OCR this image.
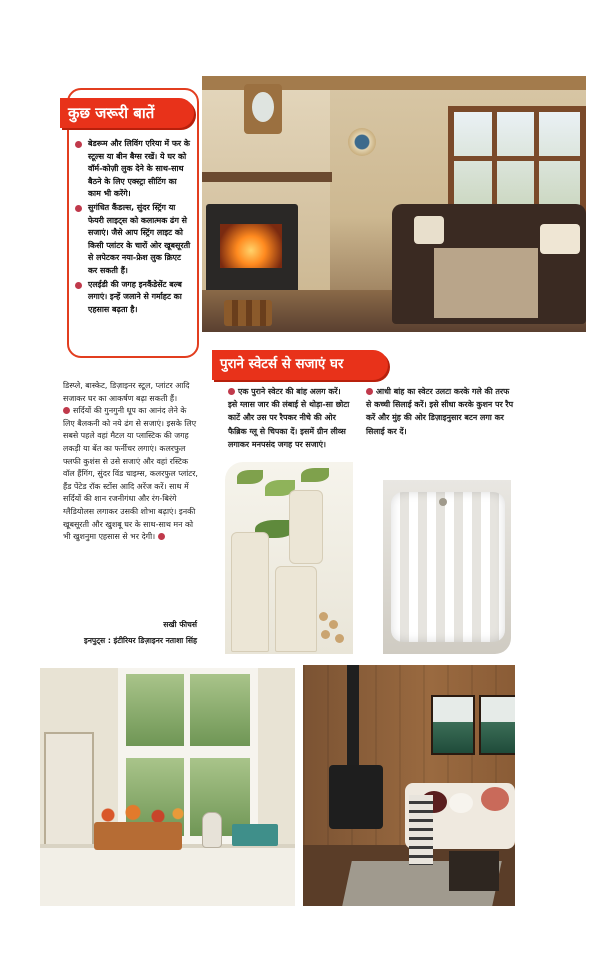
कुछ जरूरी बातें
बेडरूम और लिविंग एरिया में फर के स्टूल्स या बीन बैग्स रखें। ये घर को वॉर्म-कोज़ी लुक देने के साथ-साथ बैठने के लिए एक्स्ट्रा सीटिंग का काम भी करेंगे।
सुगंधित कैंडल्स, सुंदर स्ट्रिंग या फेयरी लाइट्स को कलात्मक ढंग से सजाएं। जैसे आप स्ट्रिंग लाइट को किसी प्लांटर के चारों ओर खूबसूरती से लपेटकर नया-फ्रेश लुक क्रिएट कर सकती हैं।
एलईडी की जगह इनकैंडेसेंट बल्ब लगाएं। इन्हें जलाने से गर्माहट का एहसास बढ़ता है।
पुराने स्वेटर्स से सजाएं घर
एक पुराने स्वेटर की बांह अलग करें। इसे ग्लास जार की लंबाई से थोड़ा-सा छोटा काटें और उस पर रैपकर नीचे की ओर फैब्रिक ग्लू से चिपका दें। इसमें ग्रीन लीव्स लगाकर मनपसंद जगह पर सजाएं।
आधी बांह का स्वेटर उलटा करके गले की तरफ से कच्ची सिलाई करें। इसे सीधा करके कुशन पर रैप करें और मुंह की ओर डिज़ाइनुसार बटन लगा कर सिलाई कर दें।

डिस्प्ले, बास्केट, डिज़ाइनर स्टूल, प्लांटर आदि सजाकर घर का आकर्षण बढ़ा सकती हैं।

सर्दियों की गुनगुनी धूप का आनंद लेने के लिए बैलकनी को नये ढंग से सजाएं। इसके लिए सबसे पहले वहां मैटल या प्लास्टिक की जगह लकड़ी या बेंत का फर्नीचर लगाएं। कलरफुल फ्लफी कुशंस से उसे सजाएं और वहां रस्टिक वॉल हैंगिंग, सुंदर विंड चाइम्स, कलरफुल प्लांटर, हैंड पेंटेड रॉक स्टोंस आदि अरेंज करें। साथ में सर्दियों की शान रजनीगंधा और रंग-बिरंगे ग्लैडियोलस लगाकर उसकी शोभा बढ़ाएं। इनकी खूबसूरती और खुशबू घर के साथ-साथ मन को भी खुशनुमा एहसास से भर देगी।

सखी फीचर्स
इनपुट्स : इंटीरियर डिज़ाइनर नताशा सिंह
